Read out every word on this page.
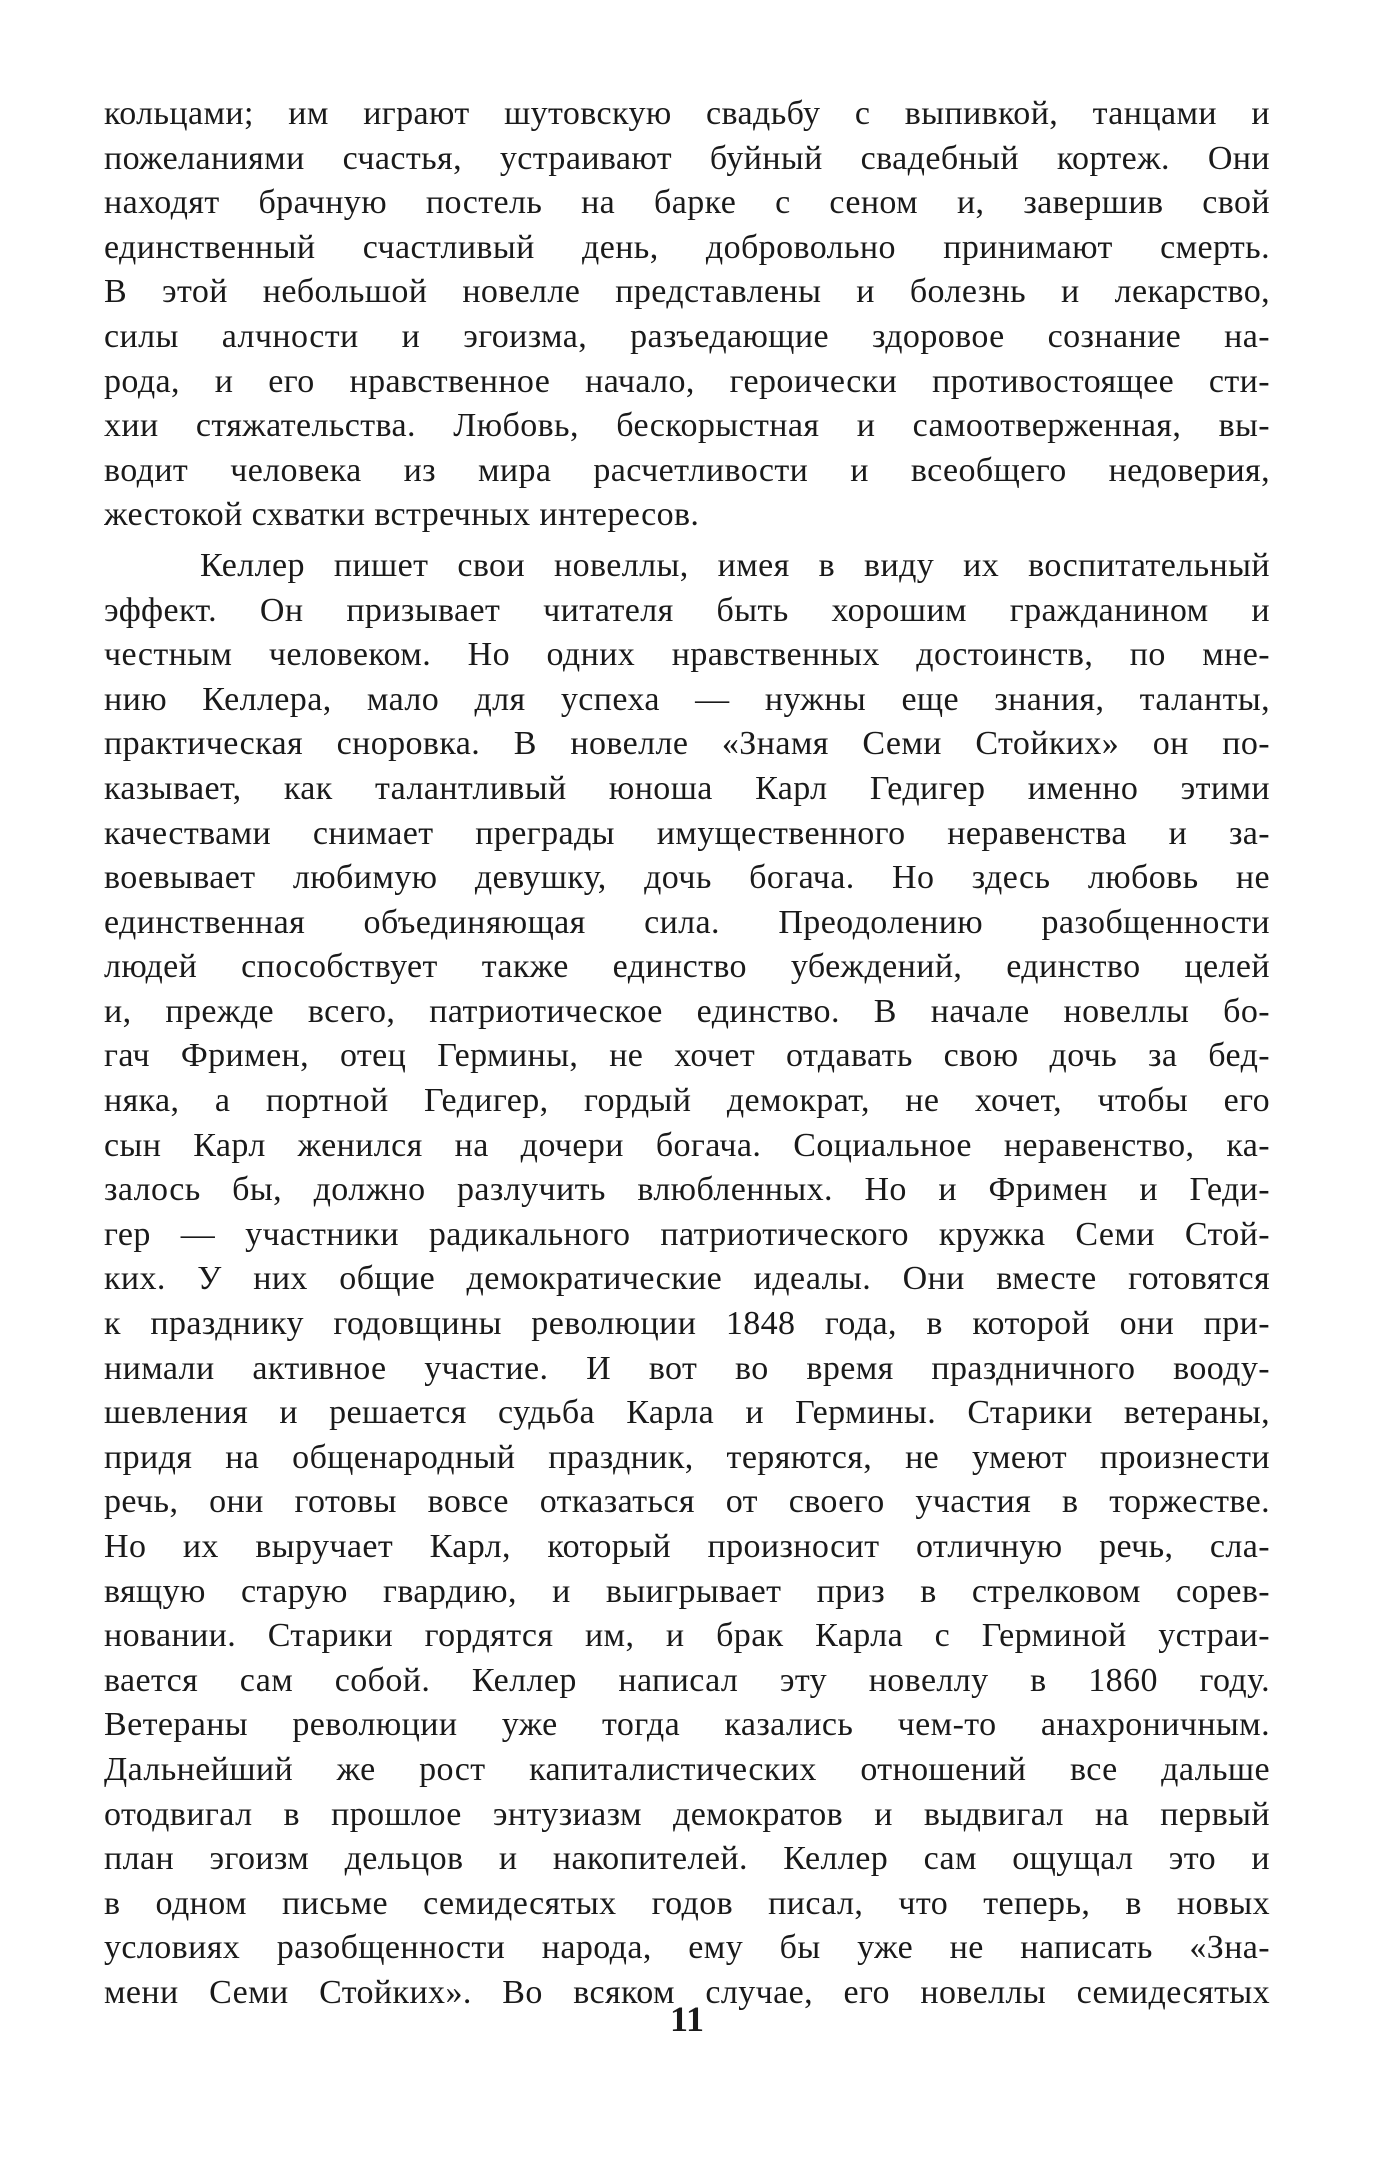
кольцами; им играют шутовскую свадьбу с выпивкой, танцами и
пожеланиями счастья, устраивают буйный свадебный кортеж. Они
находят брачную постель на барке с сеном и, завершив свой
единственный счастливый день, добровольно принимают смерть.
В этой небольшой новелле представлены и болезнь и лекарство,
силы алчности и эгоизма, разъедающие здоровое сознание на-
рода, и его нравственное начало, героически противостоящее сти-
хии стяжательства. Любовь, бескорыстная и самоотверженная, вы-
водит человека из мира расчетливости и всеобщего недоверия,
жестокой схватки встречных интересов.
Келлер пишет свои новеллы, имея в виду их воспитательный
эффект. Он призывает читателя быть хорошим гражданином и
честным человеком. Но одних нравственных достоинств, по мне-
нию Келлера, мало для успеха — нужны еще знания, таланты,
практическая сноровка. В новелле «Знамя Семи Стойких» он по-
казывает, как талантливый юноша Карл Гедигер именно этими
качествами снимает преграды имущественного неравенства и за-
воевывает любимую девушку, дочь богача. Но здесь любовь не
единственная объединяющая сила. Преодолению разобщенности
людей способствует также единство убеждений, единство целей
и, прежде всего, патриотическое единство. В начале новеллы бо-
гач Фримен, отец Гермины, не хочет отдавать свою дочь за бед-
няка, а портной Гедигер, гордый демократ, не хочет, чтобы его
сын Карл женился на дочери богача. Социальное неравенство, ка-
залось бы, должно разлучить влюбленных. Но и Фримен и Геди-
гер — участники радикального патриотического кружка Семи Стой-
ких. У них общие демократические идеалы. Они вместе готовятся
к празднику годовщины революции 1848 года, в которой они при-
нимали активное участие. И вот во время праздничного вооду-
шевления и решается судьба Карла и Гермины. Старики ветераны,
придя на общенародный праздник, теряются, не умеют произнести
речь, они готовы вовсе отказаться от своего участия в торжестве.
Но их выручает Карл, который произносит отличную речь, сла-
вящую старую гвардию, и выигрывает приз в стрелковом сорев-
новании. Старики гордятся им, и брак Карла с Герминой устраи-
вается сам собой. Келлер написал эту новеллу в 1860 году.
Ветераны революции уже тогда казались чем-то анахроничным.
Дальнейший же рост капиталистических отношений все дальше
отодвигал в прошлое энтузиазм демократов и выдвигал на первый
план эгоизм дельцов и накопителей. Келлер сам ощущал это и
в одном письме семидесятых годов писал, что теперь, в новых
условиях разобщенности народа, ему бы уже не написать «Зна-
мени Семи Стойких». Во всяком случае, его новеллы семидесятых
11
